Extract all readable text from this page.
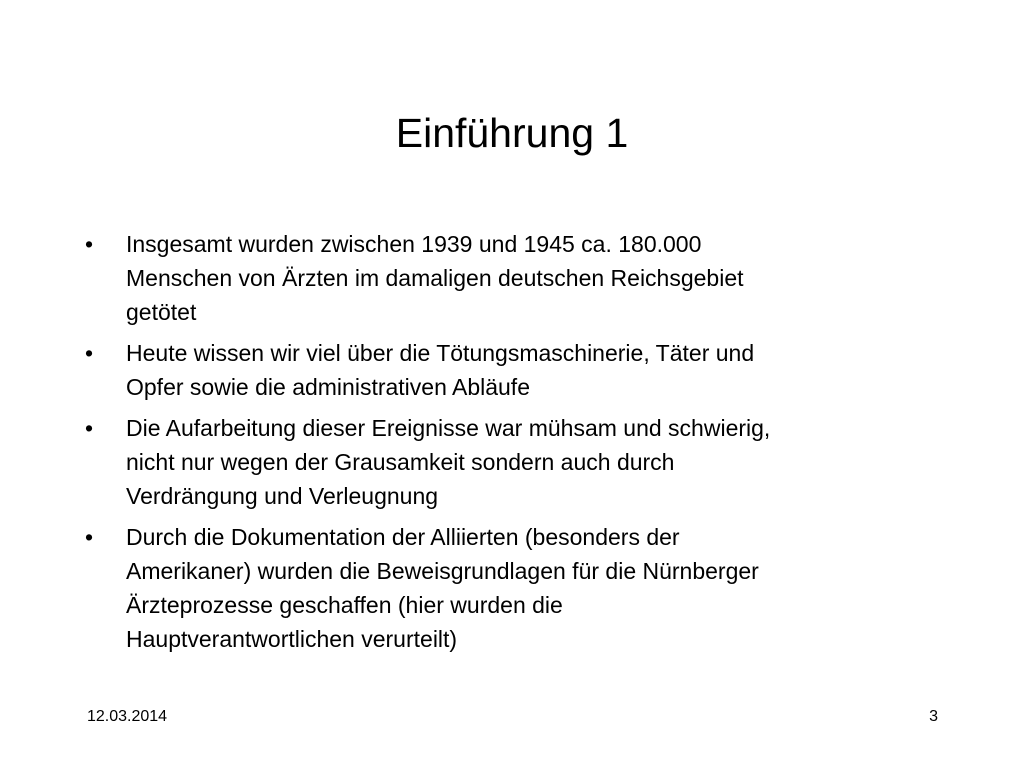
Einführung 1
•	Insgesamt wurden zwischen 1939 und 1945 ca. 180.000
Menschen von Ärzten im damaligen deutschen Reichsgebiet
getötet
•	Heute wissen wir viel über die Tötungsmaschinerie, Täter und
Opfer sowie die administrativen Abläufe
•	Die Aufarbeitung dieser Ereignisse war mühsam und schwierig,
nicht nur wegen der Grausamkeit sondern auch durch
Verdrängung und Verleugnung
•	Durch die Dokumentation der Alliierten (besonders der
Amerikaner) wurden die Beweisgrundlagen für die Nürnberger
Ärzteprozesse geschaffen (hier wurden die
Hauptverantwortlichen verurteilt)
12.03.2014	3
